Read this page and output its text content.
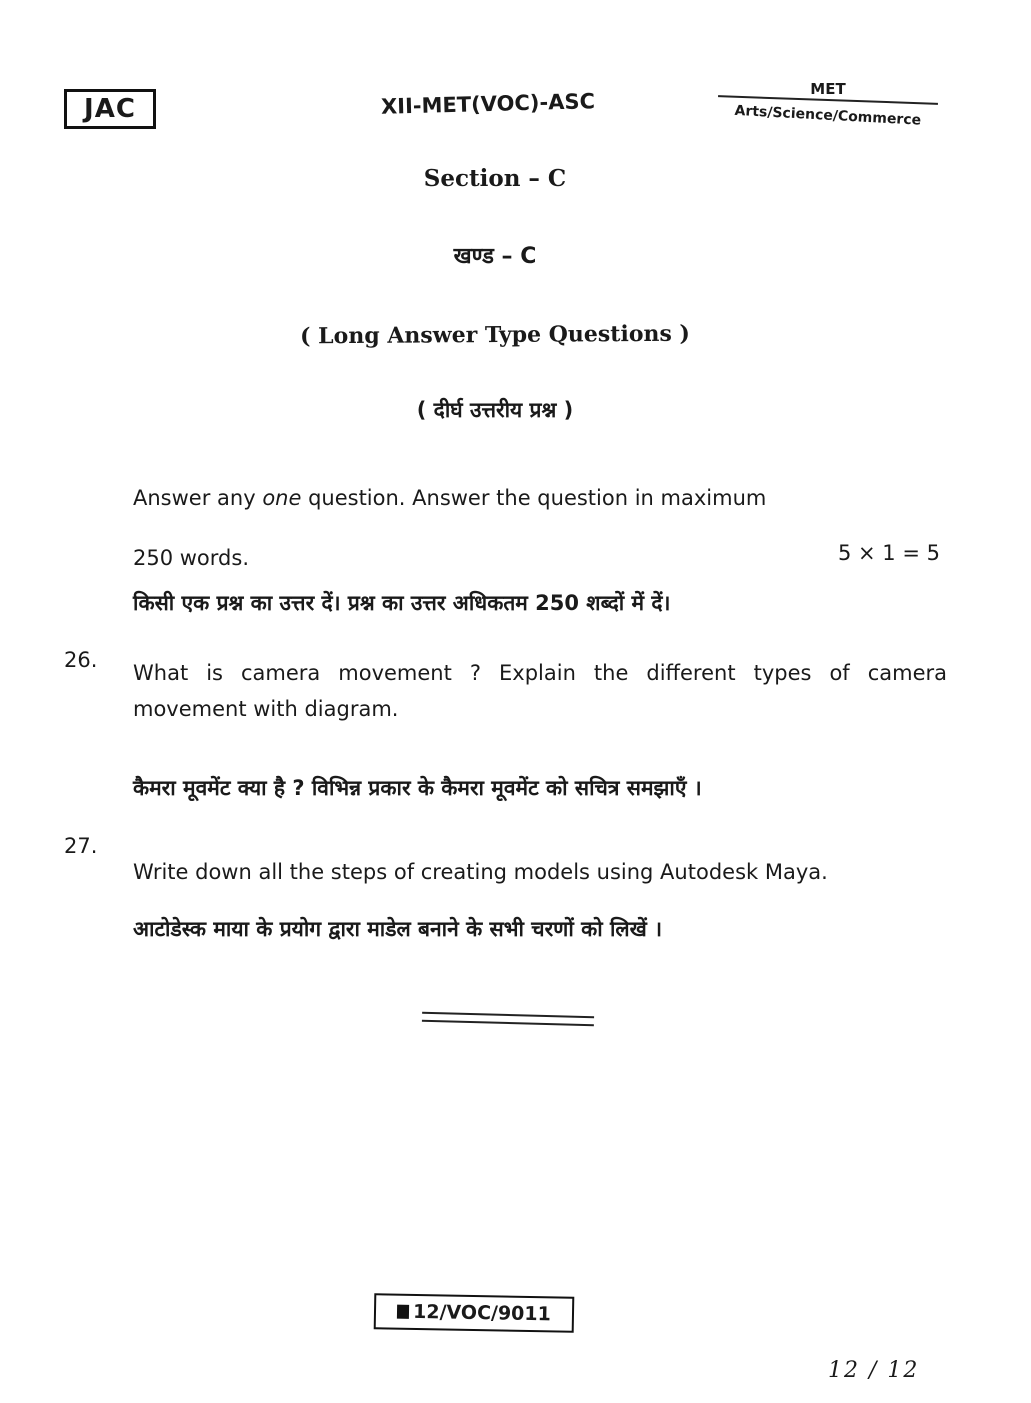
JAC	XII-MET(VOC)-ASC
MET
Arts/Science/Commerce
Section – C
खण्ड – C
( Long Answer Type Questions )
( दीर्घ उत्तरीय प्रश्न )
Answer any one question. Answer the question in maximum
250 words.	5 × 1 = 5
किसी एक प्रश्न का उत्तर दें। प्रश्न का उत्तर अधिकतम 250 शब्दों में दें।
26.
What is camera movement ? Explain the different types of camera movement with diagram.
कैमरा मूवमेंट क्या है ? विभिन्न प्रकार के कैमरा मूवमेंट को सचित्र समझाएँ ।
27.
Write down all the steps of creating models using Autodesk Maya.
आटोडेस्क माया के प्रयोग द्वारा माडेल बनाने के सभी चरणों को लिखें ।
12/VOC/9011
12 / 12
